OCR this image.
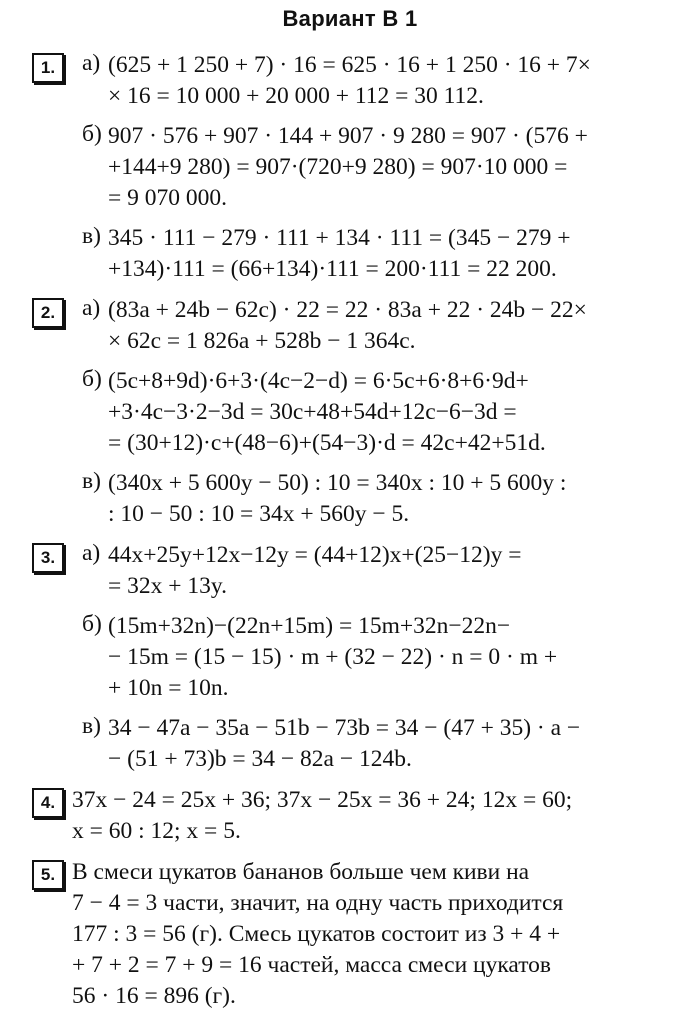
Вариант В 1
1.	а) (625 + 1 250 + 7) · 16 = 625 · 16 + 1 250 · 16 + 7×
× 16 = 10 000 + 20 000 + 112 = 30 112.
б) 907 · 576 + 907 · 144 + 907 · 9 280 = 907 · (576 +
+144+9 280) = 907·(720+9 280) = 907·10 000 =
= 9 070 000.
в) 345 · 111 − 279 · 111 + 134 · 111 = (345 − 279 +
+134)·111 = (66+134)·111 = 200·111 = 22 200.
2.	а) (83a + 24b − 62c) · 22 = 22 · 83a + 22 · 24b − 22×
× 62c = 1 826a + 528b − 1 364c.
б) (5c+8+9d)·6+3·(4c−2−d) = 6·5c+6·8+6·9d+
+3·4c−3·2−3d = 30c+48+54d+12c−6−3d =
= (30+12)·c+(48−6)+(54−3)·d = 42c+42+51d.
в) (340x + 5 600y − 50) : 10 = 340x : 10 + 5 600y :
: 10 − 50 : 10 = 34x + 560y − 5.
3.	а) 44x+25y+12x−12y = (44+12)x+(25−12)y =
= 32x + 13y.
б) (15m+32n)−(22n+15m) = 15m+32n−22n−
− 15m = (15 − 15) · m + (32 − 22) · n = 0 · m +
+ 10n = 10n.
в) 34 − 47a − 35a − 51b − 73b = 34 − (47 + 35) · a −
− (51 + 73)b = 34 − 82a − 124b.
4. 37x − 24 = 25x + 36; 37x − 25x = 36 + 24; 12x = 60;
x = 60 : 12; x = 5.
5. В смеси цукатов бананов больше чем киви на
7 − 4 = 3 части, значит, на одну часть приходится
177 : 3 = 56 (г). Смесь цукатов состоит из 3 + 4 +
+ 7 + 2 = 7 + 9 = 16 частей, масса смеси цукатов
56 · 16 = 896 (г).
